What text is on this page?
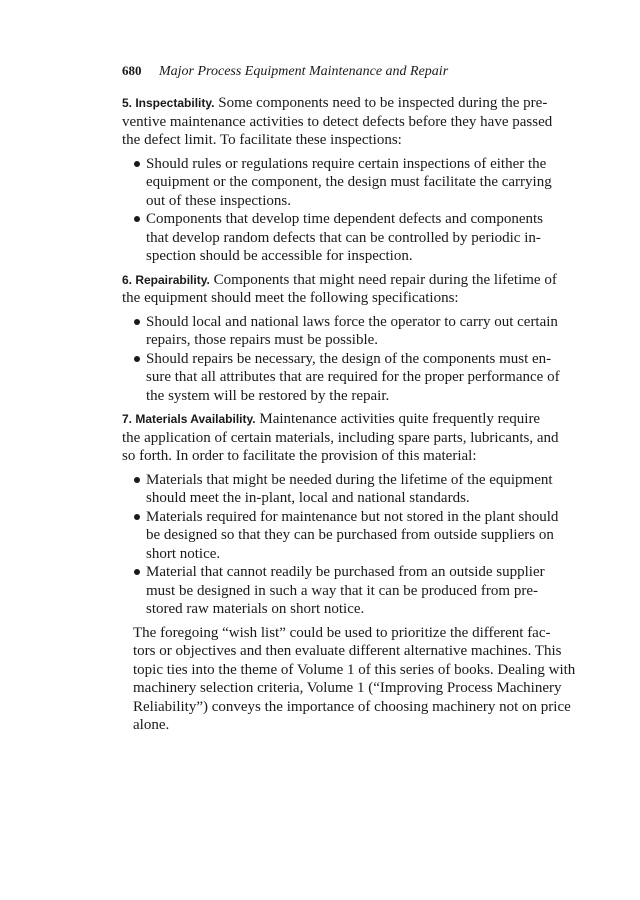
680 Major Process Equipment Maintenance and Repair
5. Inspectability. Some components need to be inspected during the pre-
ventive maintenance activities to detect defects before they have passed
the defect limit. To facilitate these inspections:
Should rules or regulations require certain inspections of either the
equipment or the component, the design must facilitate the carrying
out of these inspections.
Components that develop time dependent defects and components
that develop random defects that can be controlled by periodic in-
spection should be accessible for inspection.
6. Repairability. Components that might need repair during the lifetime of
the equipment should meet the following specifications:
Should local and national laws force the operator to carry out certain
repairs, those repairs must be possible.
Should repairs be necessary, the design of the components must en-
sure that all attributes that are required for the proper performance of
the system will be restored by the repair.
7. Materials Availability. Maintenance activities quite frequently require
the application of certain materials, including spare parts, lubricants, and
so forth. In order to facilitate the provision of this material:
Materials that might be needed during the lifetime of the equipment
should meet the in-plant, local and national standards.
Materials required for maintenance but not stored in the plant should
be designed so that they can be purchased from outside suppliers on
short notice.
Material that cannot readily be purchased from an outside supplier
must be designed in such a way that it can be produced from pre-
stored raw materials on short notice.
The foregoing “wish list” could be used to prioritize the different fac-
tors or objectives and then evaluate different alternative machines. This
topic ties into the theme of Volume 1 of this series of books. Dealing with
machinery selection criteria, Volume 1 (“Improving Process Machinery
Reliability”) conveys the importance of choosing machinery not on price
alone.
